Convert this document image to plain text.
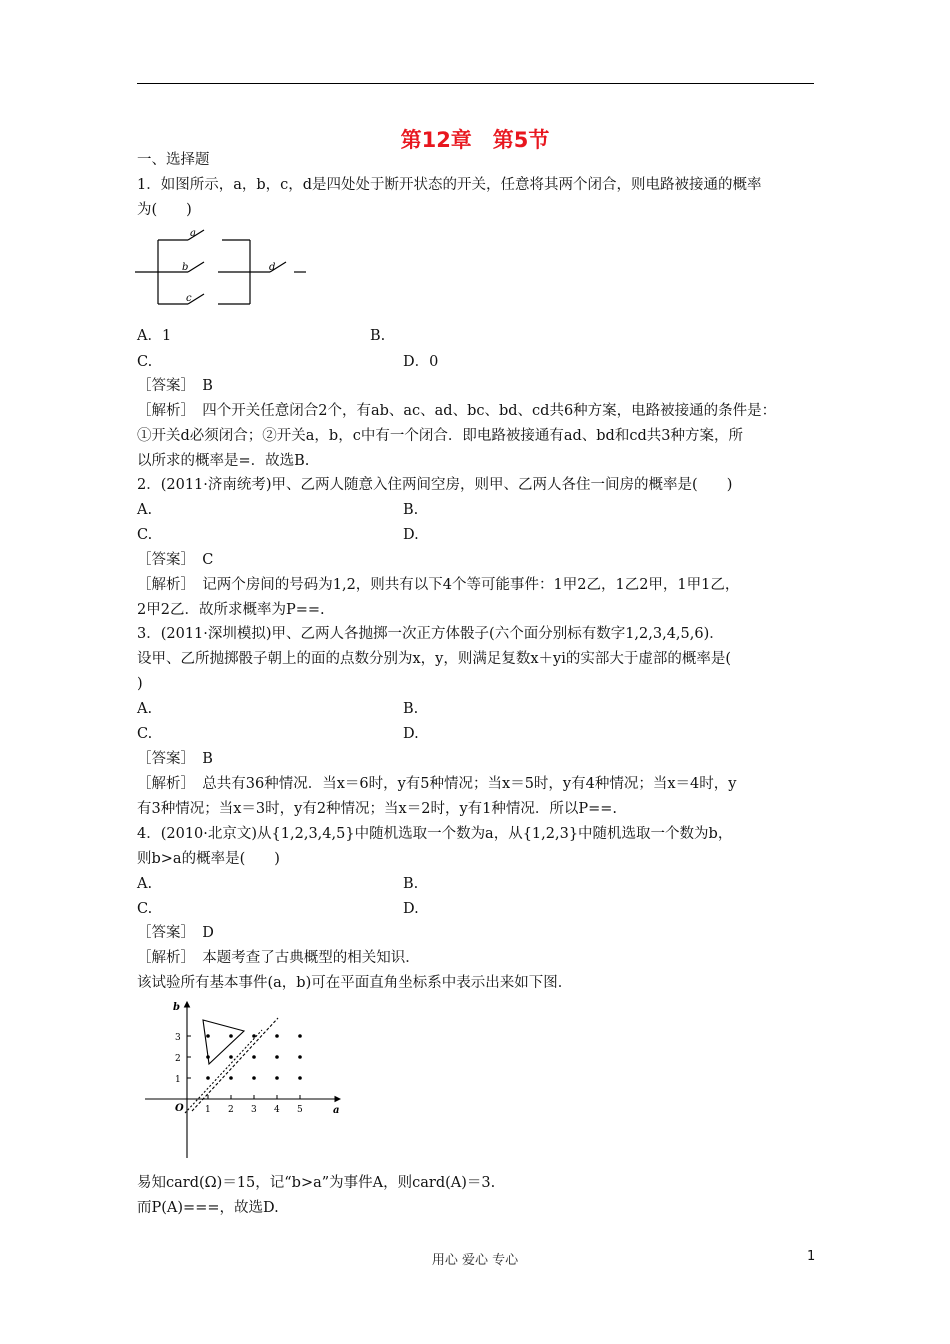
第12章　第5节
一、选择题
1．如图所示，a，b，c，d是四处处于断开状态的开关，任意将其两个闭合，则电路被接通的概率
为(　　)
a
b
c
d
A．1	B.
C.	D．0
［答案］　B
［解析］　四个开关任意闭合2个，有ab、ac、ad、bc、bd、cd共6种方案，电路被接通的条件是：
①开关d必须闭合；②开关a，b，c中有一个闭合．即电路被接通有ad、bd和cd共3种方案，所
以所求的概率是=．故选B.
2．(2011·济南统考)甲、乙两人随意入住两间空房，则甲、乙两人各住一间房的概率是(　　)
A.	B.
C.	D.
［答案］　C
［解析］　记两个房间的号码为1,2，则共有以下4个等可能事件：1甲2乙，1乙2甲，1甲1乙，
2甲2乙．故所求概率为P==.
3．(2011·深圳模拟)甲、乙两人各抛掷一次正方体骰子(六个面分别标有数字1,2,3,4,5,6)．
设甲、乙所抛掷骰子朝上的面的点数分别为x，y，则满足复数x＋yi的实部大于虚部的概率是(
)
A.	B.
C.	D.
［答案］　B
［解析］　总共有36种情况．当x＝6时，y有5种情况；当x＝5时，y有4种情况；当x＝4时，y
有3种情况；当x＝3时，y有2种情况；当x＝2时，y有1种情况．所以P==.
4．(2010·北京文)从{1,2,3,4,5}中随机选取一个数为a，从{1,2,3}中随机选取一个数为b，
则b>a的概率是(　　)
A.	B.
C.	D.
［答案］　D
［解析］　本题考查了古典概型的相关知识．
该试验所有基本事件(a，b)可在平面直角坐标系中表示出来如下图．
b
a
O 1 2 3 4 5
1
2
3
易知card(Ω)＝15，记“b>a”为事件A，则card(A)＝3.
而P(A)===，故选D.
用心 爱心 专心	1
